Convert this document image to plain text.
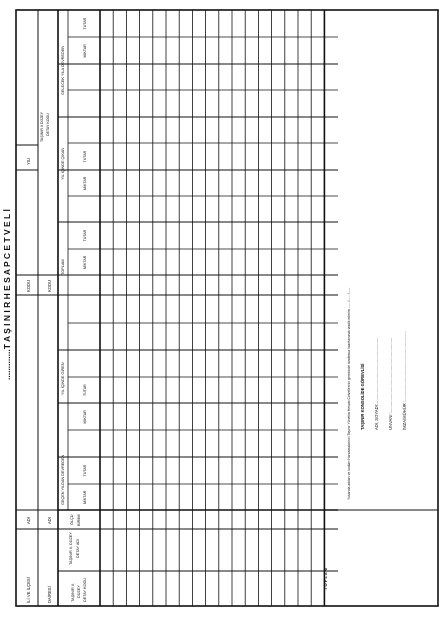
.............T A Ş I N I R H E S A P C E T V E L İ
İLİ VE İLÇESİ
ADI
KODU
YILI
DAİRESİ
ADI
KODU
TAŞINIR II.DÜZEY DETAY KODU
TAŞINIR II. DÜZEY DETAY KODU
TAŞINIR II. DÜZEY DETAY ADI
ÖLÇÜ BİRİMİ
GEÇEN YILDAN DEVREDEN
YIL İÇİNDE GİREN
TOPLAM
YIL İÇİNDE ÇIKAN
GELECEK YILA DEVREDEN
MİKTAR
TUTAR
MİKTAR
TUTAR
MİKTAR
TUTAR
MİKTAR
TUTAR
MİKTAR
TUTAR
T O P L A M
Yukarıda adıları ve kodları Harcamalarının Taşınır Yönetim Hesabı Cetvellerinin gerekinde tarafımca hazırlanarak tasdik ederim ...... /...... /...... TAŞINIR KONSOLİDE GÖREVLİSİ ADI, SOYADI:......................................................... UNVANI :................................................................ İMZA/MÜHÜR :............................................................
